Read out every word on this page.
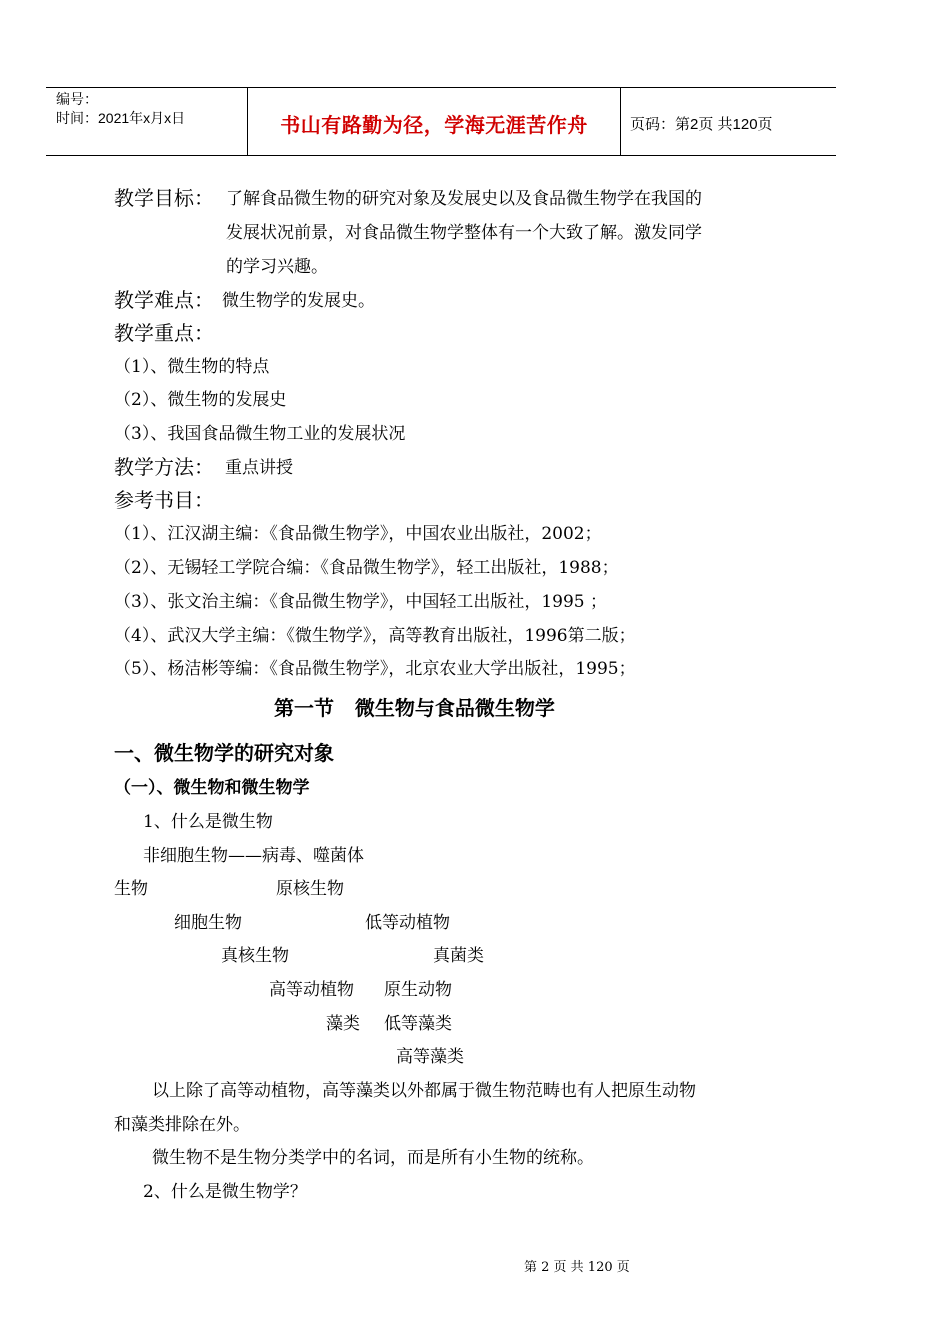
编号：
时间：2021年x月x日	书山有路勤为径，学海无涯苦作舟	页码：第2页 共120页
教学目标： 了解食品微生物的研究对象及发展史以及食品微生物学在我国的
发展状况前景，对食品微生物学整体有一个大致了解。激发同学
的学习兴趣。
教学难点： 微生物学的发展史。
教学重点：
（1）、微生物的特点
（2）、微生物的发展史
（3）、我国食品微生物工业的发展状况
教学方法： 重点讲授
参考书目：
（1）、江汉湖主编：《食品微生物学》，中国农业出版社，2002；
（2）、无锡轻工学院合编：《食品微生物学》，轻工出版社，1988；
（3）、张文治主编：《食品微生物学》，中国轻工出版社，1995 ；
（4）、武汉大学主编：《微生物学》，高等教育出版社，1996第二版；
（5）、杨洁彬等编：《食品微生物学》，北京农业大学出版社，1995；
第一节   微生物与食品微生物学
一、微生物学的研究对象
（一）、微生物和微生物学
1、什么是微生物
非细胞生物——病毒、噬菌体
生物	原核生物
细胞生物	低等动植物
真核生物	真菌类
高等动植物 原生动物
藻类 低等藻类
高等藻类
以上除了高等动植物，高等藻类以外都属于微生物范畴也有人把原生动物
和藻类排除在外。
微生物不是生物分类学中的名词，而是所有小生物的统称。
2、什么是微生物学？
第 2 页 共 120 页
